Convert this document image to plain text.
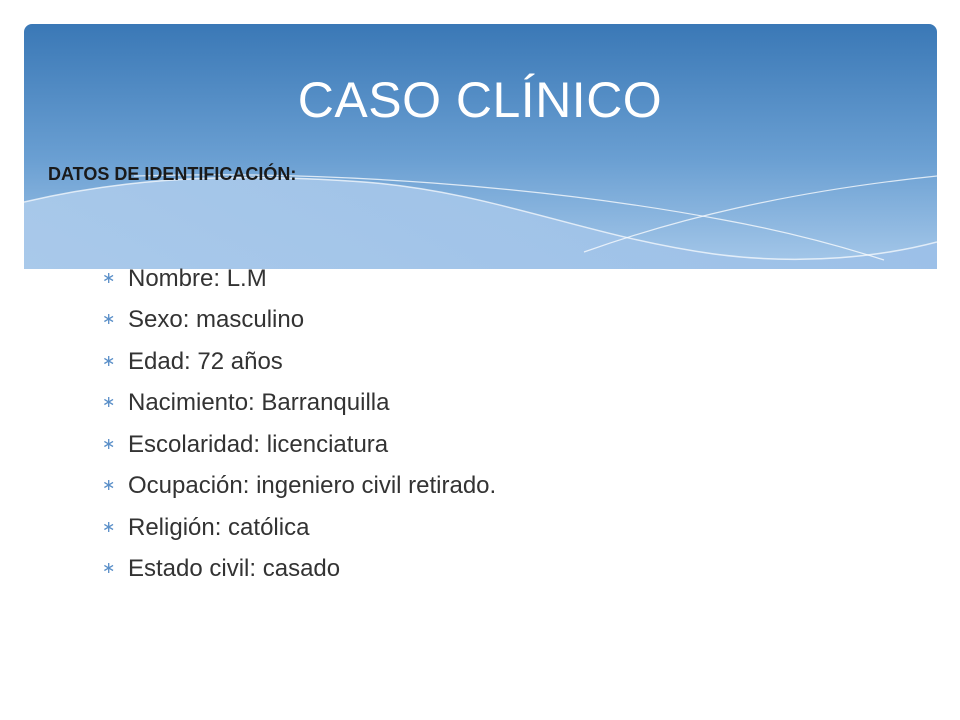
CASO CLÍNICO
DATOS DE IDENTIFICACIÓN:
∗ Nombre: L.M
∗ Sexo: masculino
∗ Edad: 72 años
∗ Nacimiento: Barranquilla
∗ Escolaridad: licenciatura
∗ Ocupación: ingeniero civil retirado.
∗ Religión: católica
∗ Estado civil: casado
